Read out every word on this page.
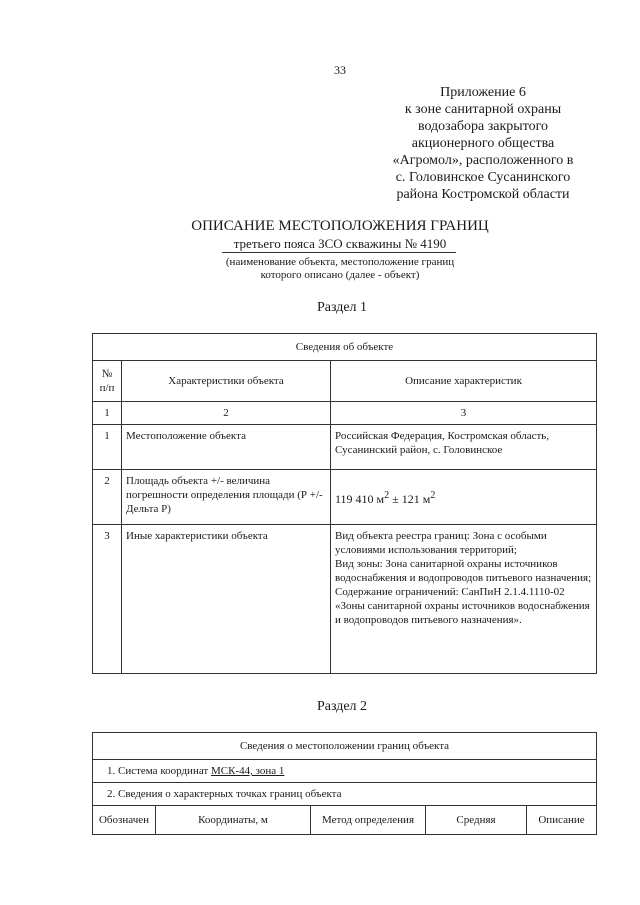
33
Приложение 6
к зоне санитарной охраны
водозабора закрытого
акционерного общества
«Агромол», расположенного в
с. Головинское Сусанинского
района Костромской области
ОПИСАНИЕ МЕСТОПОЛОЖЕНИЯ ГРАНИЦ
третьего пояса ЗСО скважины № 4190
(наименование объекта, местоположение границ
которого описано (далее - объект)
Раздел 1
Сведения об объекте		
№ п/п	Характеристики объекта	Описание характеристик
1	2	3
1	Местоположение объекта	Российская Федерация, Костромская область, Сусанинский район, с. Головинское
2	Площадь объекта +/- величина погрешности определения площади (Р +/- Дельта Р)	119 410 $м^2 \pm 121$ $м^2$
3	Иные характеристики объекта	Вид объекта реестра границ: Зона с особыми условиями использования территорий;
Вид зоны: Зона санитарной охраны источников водоснабжения и водопроводов питьевого назначения;
Содержание ограничений: СанПиН 2.1.4.1110-02 «Зоны санитарной охраны источников водоснабжения и водопроводов питьевого назначения».
Раздел 2
Сведения о местоположении границ объекта
1. Система координат МСК-44, зона 1
2. Сведения о характерных точках границ объекта
Обозначен	Координаты, м	Метод определения	Средняя	Описание
